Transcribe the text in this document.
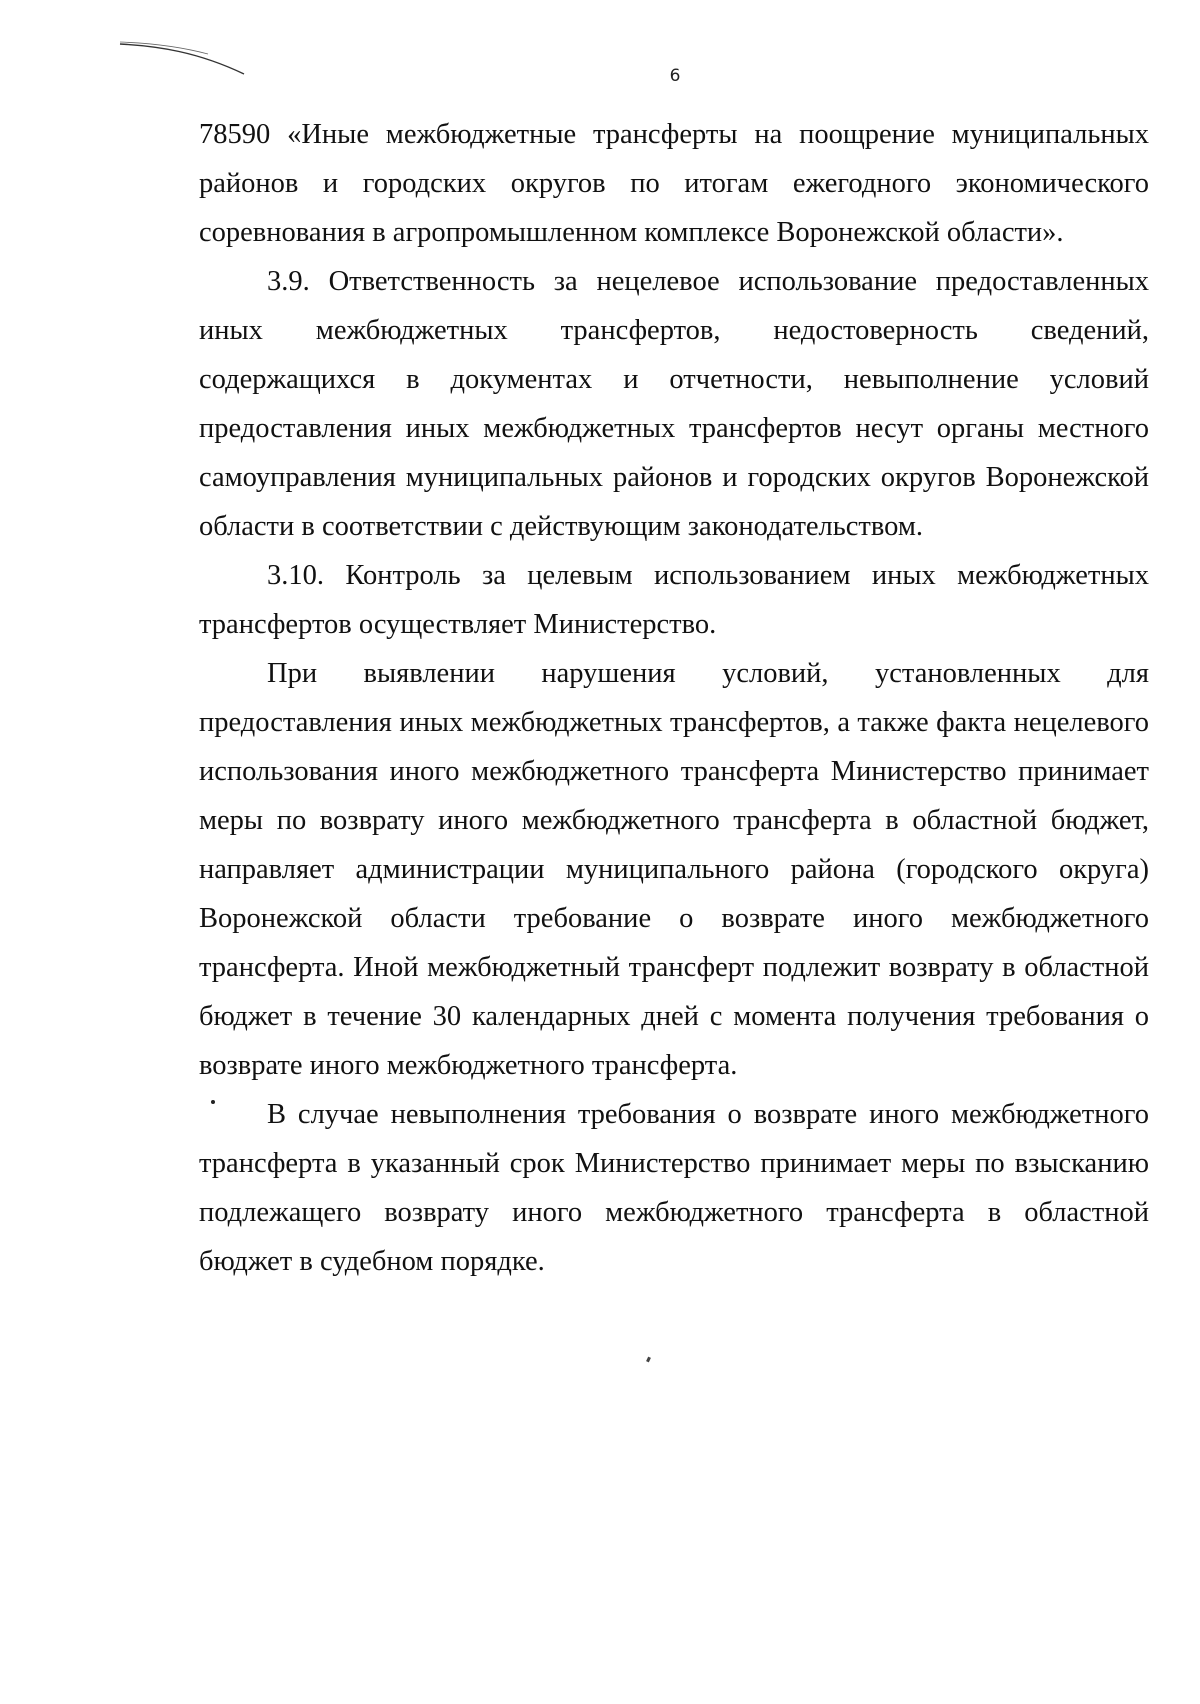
6

78590 «Иные межбюджетные трансферты на поощрение муниципальных районов и городских округов по итогам ежегодного экономического соревнования в агропромышленном комплексе Воронежской области».

3.9. Ответственность за нецелевое использование предоставленных иных межбюджетных трансфертов, недостоверность сведений, содержащихся в документах и отчетности, невыполнение условий предоставления иных межбюджетных трансфертов несут органы местного самоуправления муниципальных районов и городских округов Воронежской области в соответствии с действующим законодательством.

3.10. Контроль за целевым использованием иных межбюджетных трансфертов осуществляет Министерство.

При выявлении нарушения условий, установленных для предоставления иных межбюджетных трансфертов, а также факта нецелевого использования иного межбюджетного трансферта Министерство принимает меры по возврату иного межбюджетного трансферта в областной бюджет, направляет администрации муниципального района (городского округа) Воронежской области требование о возврате иного межбюджетного трансферта. Иной межбюджетный трансферт подлежит возврату в областной бюджет в течение 30 календарных дней с момента получения требования о возврате иного межбюджетного трансферта.

В случае невыполнения требования о возврате иного межбюджетного трансферта в указанный срок Министерство принимает меры по взысканию подлежащего возврату иного межбюджетного трансферта в областной бюджет в судебном порядке.
